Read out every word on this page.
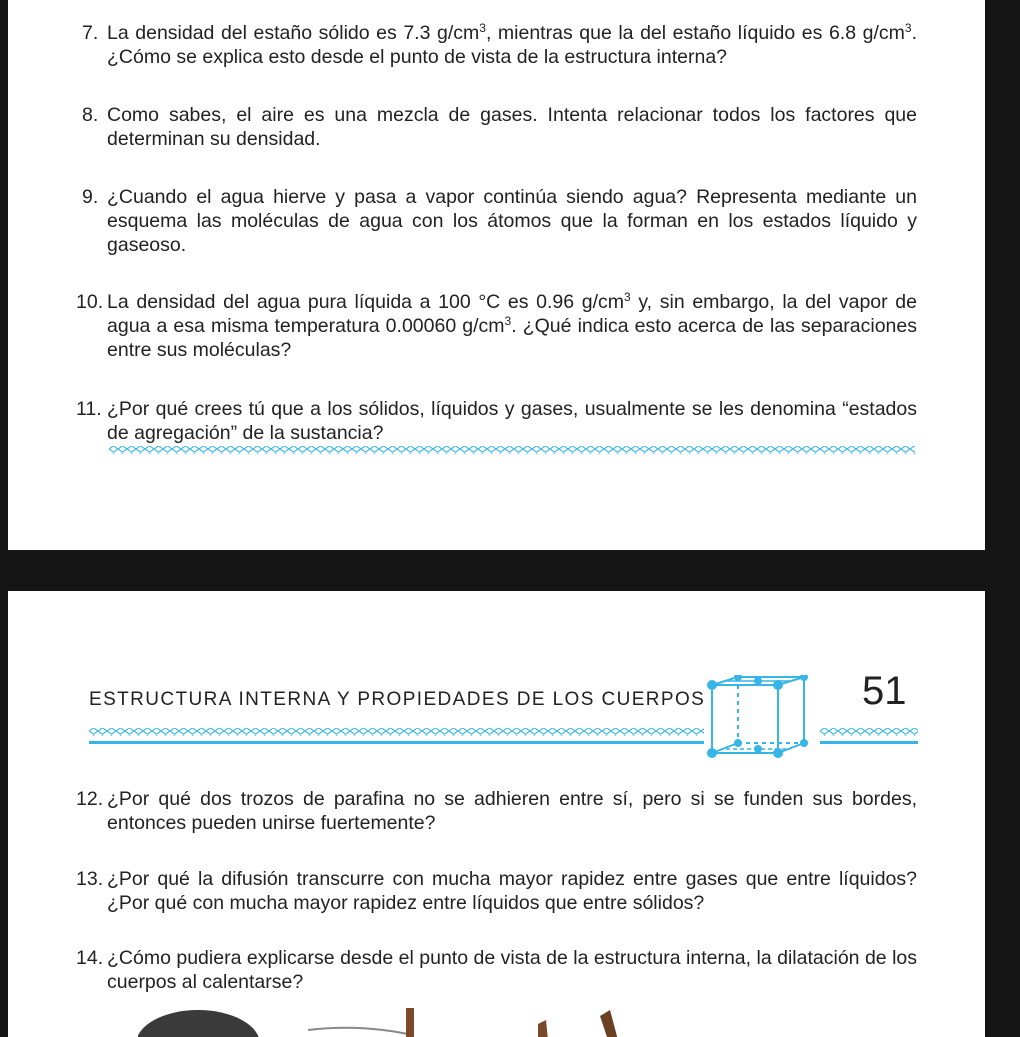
7. La densidad del estaño sólido es 7.3 $g/cm^3$, mientras que la del estaño líquido es 6.8 $g/cm^3$. ¿Cómo se explica esto desde el punto de vista de la estructura interna?

8. Como sabes, el aire es una mezcla de gases. Intenta relacionar todos los factores que determinan su densidad.

9. ¿Cuando el agua hierve y pasa a vapor continúa siendo agua? Representa mediante un esquema las moléculas de agua con los átomos que la forman en los estados líquido y gaseoso.

10. La densidad del agua pura líquida a 100 °C es 0.96 $g/cm^3$ y, sin embargo, la del vapor de agua a esa misma temperatura 0.00060 $g/cm^3$. ¿Qué indica esto acerca de las separaciones entre sus moléculas?

11. ¿Por qué crees tú que a los sólidos, líquidos y gases, usualmente se les denomina “estados de agregación” de la sustancia?

ESTRUCTURA INTERNA Y PROPIEDADES DE LOS CUERPOS	51
12. ¿Por qué dos trozos de parafina no se adhieren entre sí, pero si se funden sus bordes, entonces pueden unirse fuertemente?

13. ¿Por qué la difusión transcurre con mucha mayor rapidez entre gases que entre líquidos? ¿Por qué con mucha mayor rapidez entre líquidos que entre sólidos?

14. ¿Cómo pudiera explicarse desde el punto de vista de la estructura interna, la dilatación de los cuerpos al calentarse?
